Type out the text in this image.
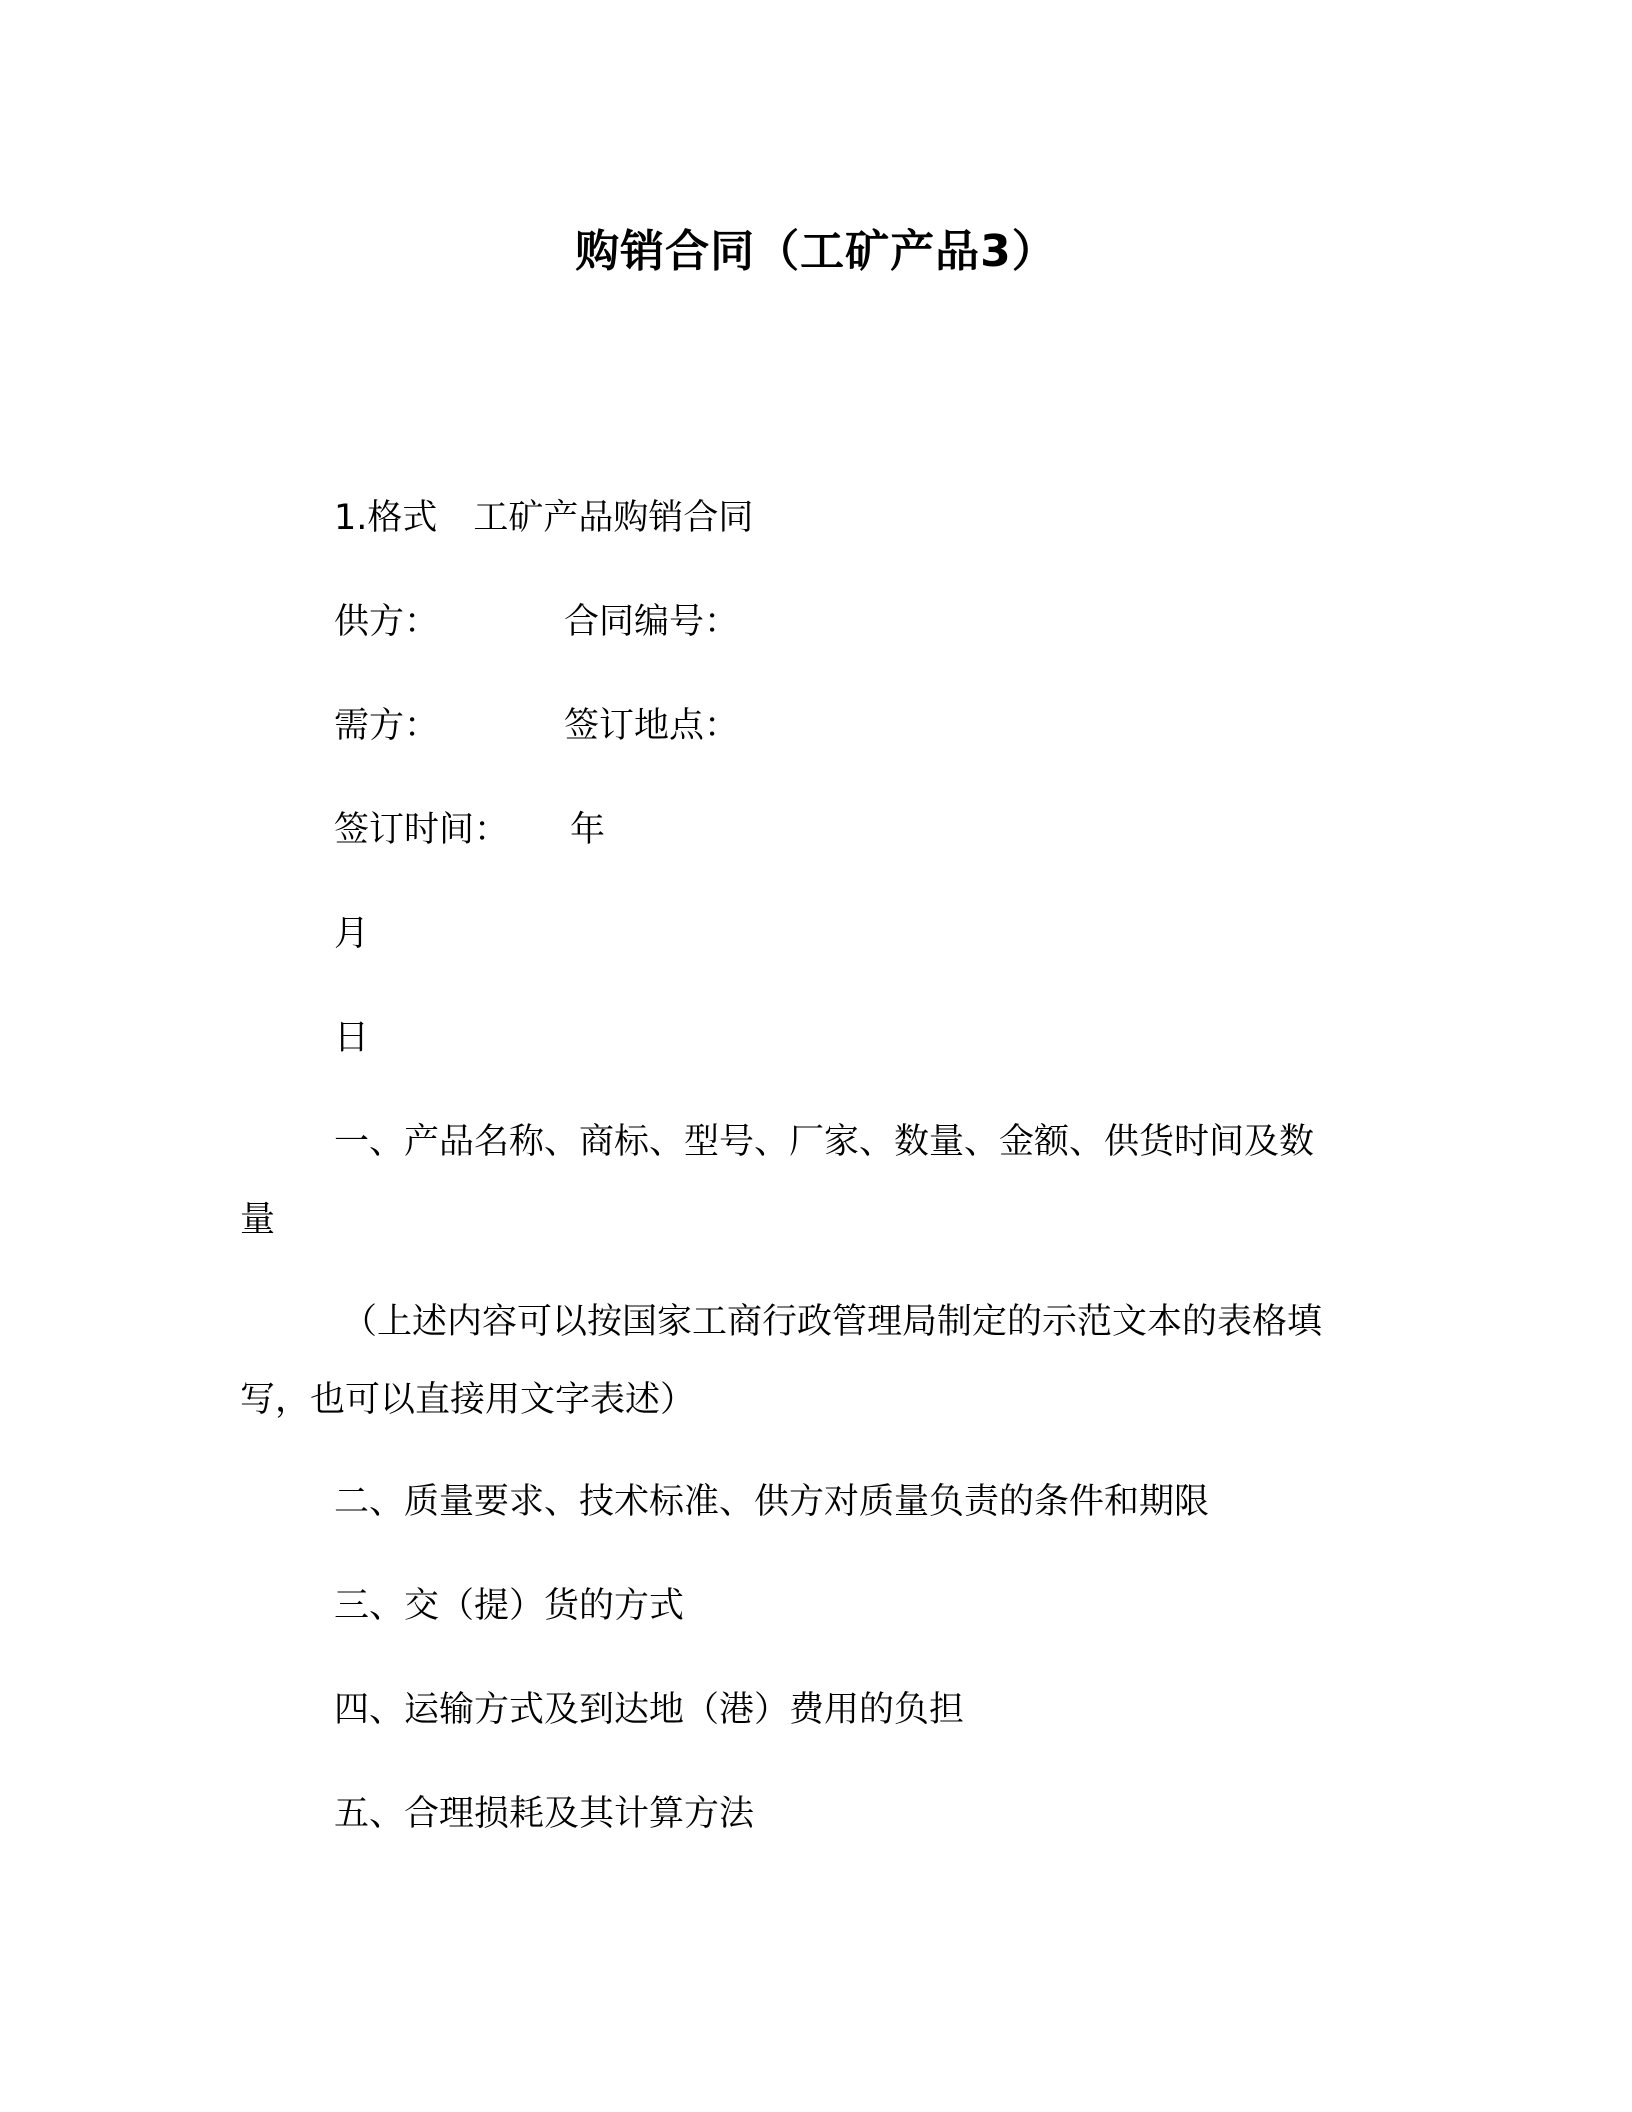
购销合同（工矿产品3）
1.格式 工矿产品购销合同
供方：	合同编号：
需方：	签订地点：
签订时间： 年
月
日
一、产品名称、商标、型号、厂家、数量、金额、供货时间及数
量
（上述内容可以按国家工商行政管理局制定的示范文本的表格填
写，也可以直接用文字表述）
二、质量要求、技术标准、供方对质量负责的条件和期限
三、交（提）货的方式
四、运输方式及到达地（港）费用的负担
五、合理损耗及其计算方法
